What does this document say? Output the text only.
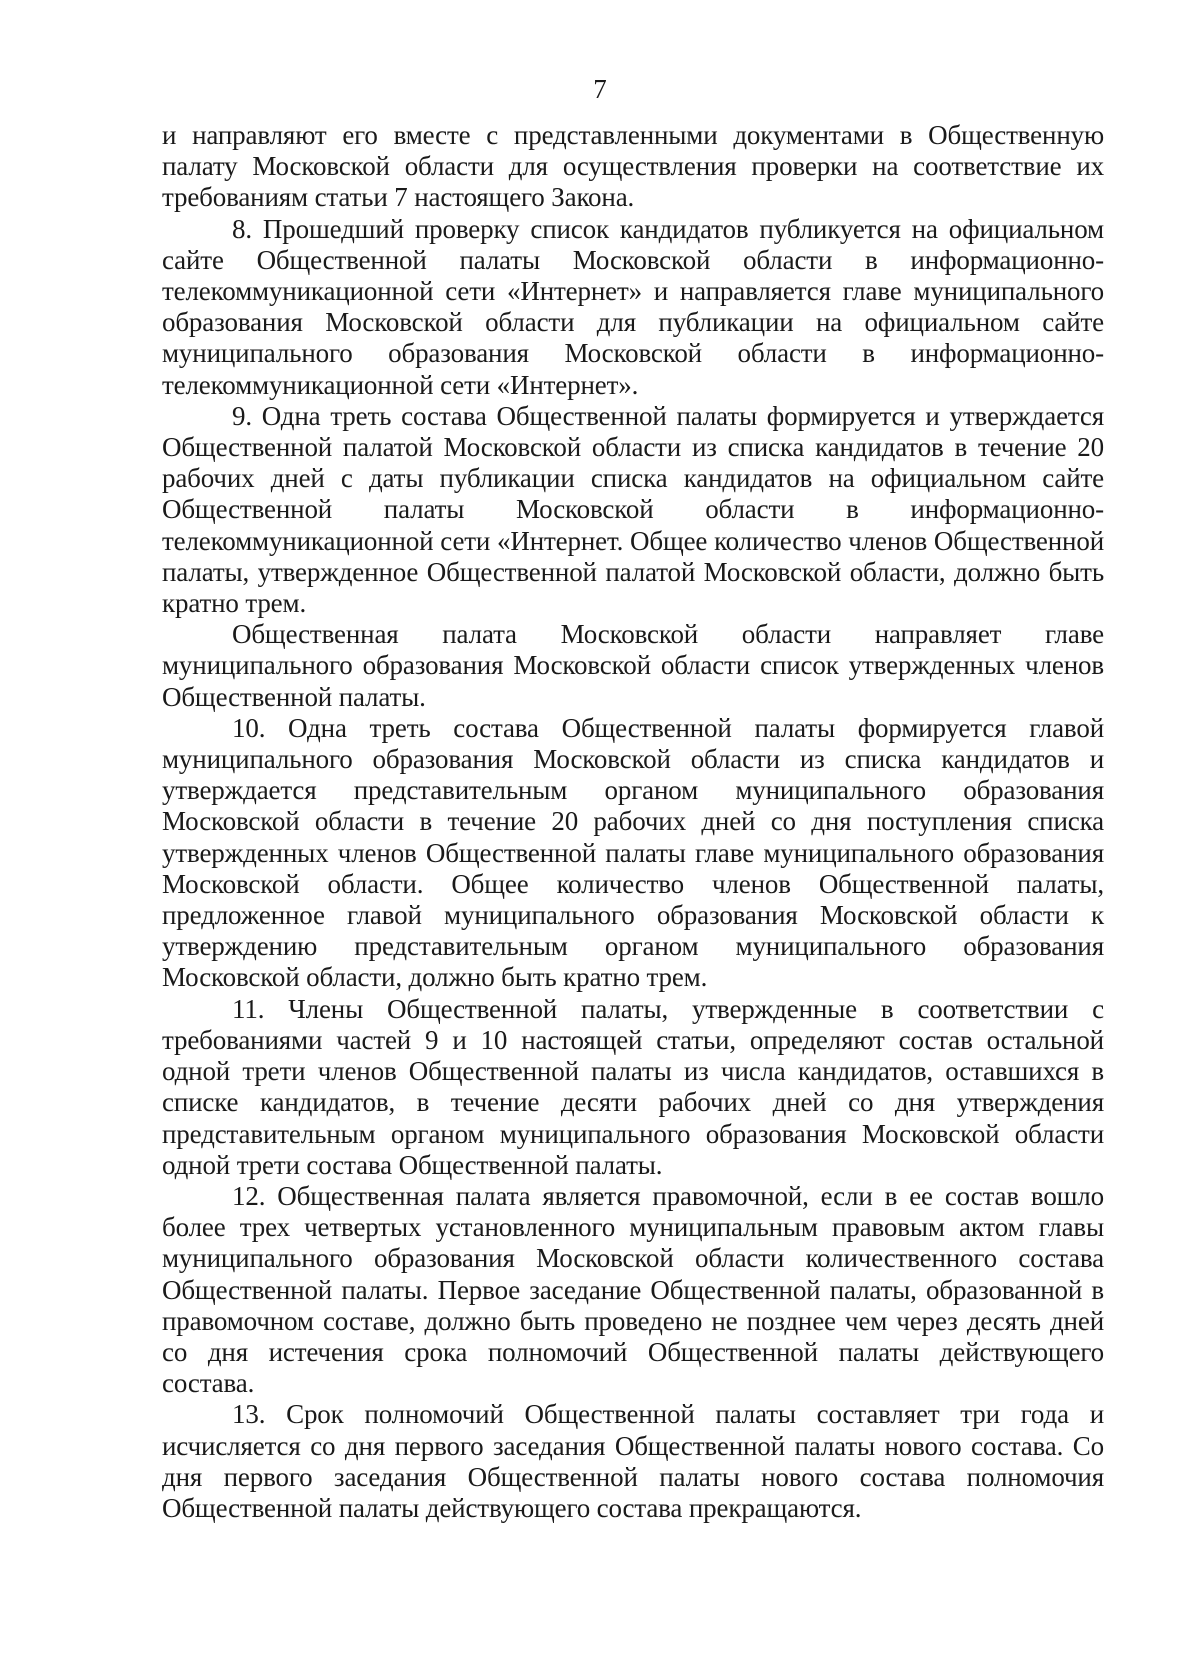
7

и направляют его вместе с представленными документами в Общественную палату Московской области для осуществления проверки на соответствие их требованиям статьи 7 настоящего Закона.

8. Прошедший проверку список кандидатов публикуется на официальном сайте Общественной палаты Московской области в информационно-телекоммуникационной сети «Интернет» и направляется главе муниципального образования Московской области для публикации на официальном сайте муниципального образования Московской области в информационно-телекоммуникационной сети «Интернет».

9. Одна треть состава Общественной палаты формируется и утверждается Общественной палатой Московской области из списка кандидатов в течение 20 рабочих дней с даты публикации списка кандидатов на официальном сайте Общественной палаты Московской области в информационно-телекоммуникационной сети «Интернет. Общее количество членов Общественной палаты, утвержденное Общественной палатой Московской области, должно быть кратно трем.

Общественная палата Московской области направляет главе муниципального образования Московской области список утвержденных членов Общественной палаты.

10. Одна треть состава Общественной палаты формируется главой муниципального образования Московской области из списка кандидатов и утверждается представительным органом муниципального образования Московской области в течение 20 рабочих дней со дня поступления списка утвержденных членов Общественной палаты главе муниципального образования Московской области. Общее количество членов Общественной палаты, предложенное главой муниципального образования Московской области к утверждению представительным органом муниципального образования Московской области, должно быть кратно трем.

11. Члены Общественной палаты, утвержденные в соответствии с требованиями частей 9 и 10 настоящей статьи, определяют состав остальной одной трети членов Общественной палаты из числа кандидатов, оставшихся в списке кандидатов, в течение десяти рабочих дней со дня утверждения представительным органом муниципального образования Московской области одной трети состава Общественной палаты.

12. Общественная палата является правомочной, если в ее состав вошло более трех четвертых установленного муниципальным правовым актом главы муниципального образования Московской области количественного состава Общественной палаты. Первое заседание Общественной палаты, образованной в правомочном составе, должно быть проведено не позднее чем через десять дней со дня истечения срока полномочий Общественной палаты действующего состава.

13. Срок полномочий Общественной палаты составляет три года и исчисляется со дня первого заседания Общественной палаты нового состава. Со дня первого заседания Общественной палаты нового состава полномочия Общественной палаты действующего состава прекращаются.
